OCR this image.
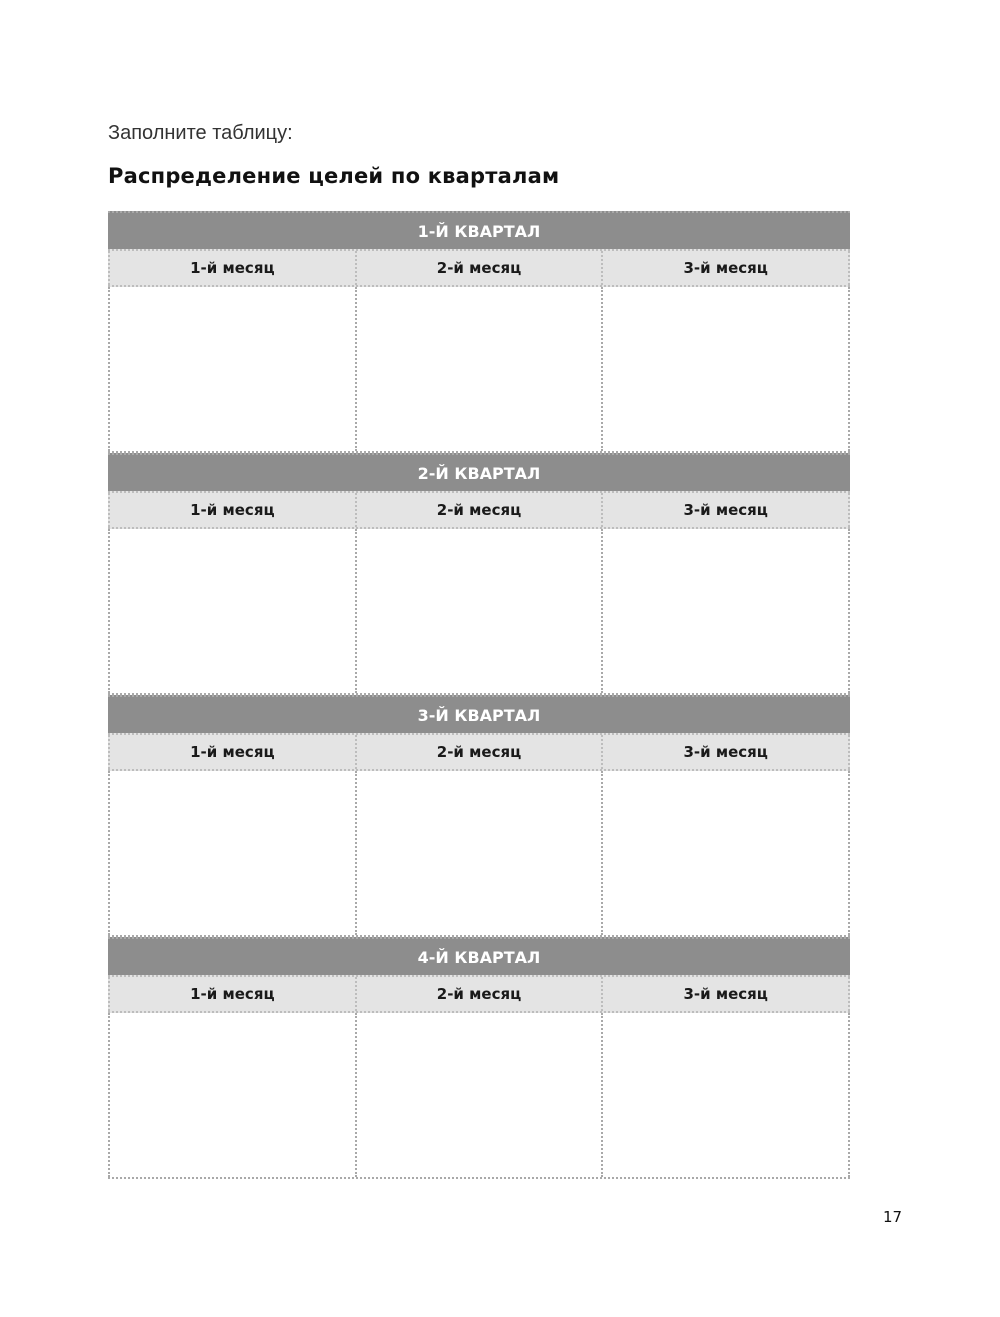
Заполните таблицу:
Распределение целей по кварталам
1-Й КВАРТАЛ
1-й месяц	2-й месяц	3-й месяц
2-Й КВАРТАЛ
1-й месяц	2-й месяц	3-й месяц
3-Й КВАРТАЛ
1-й месяц	2-й месяц	3-й месяц
4-Й КВАРТАЛ
1-й месяц	2-й месяц	3-й месяц
17
